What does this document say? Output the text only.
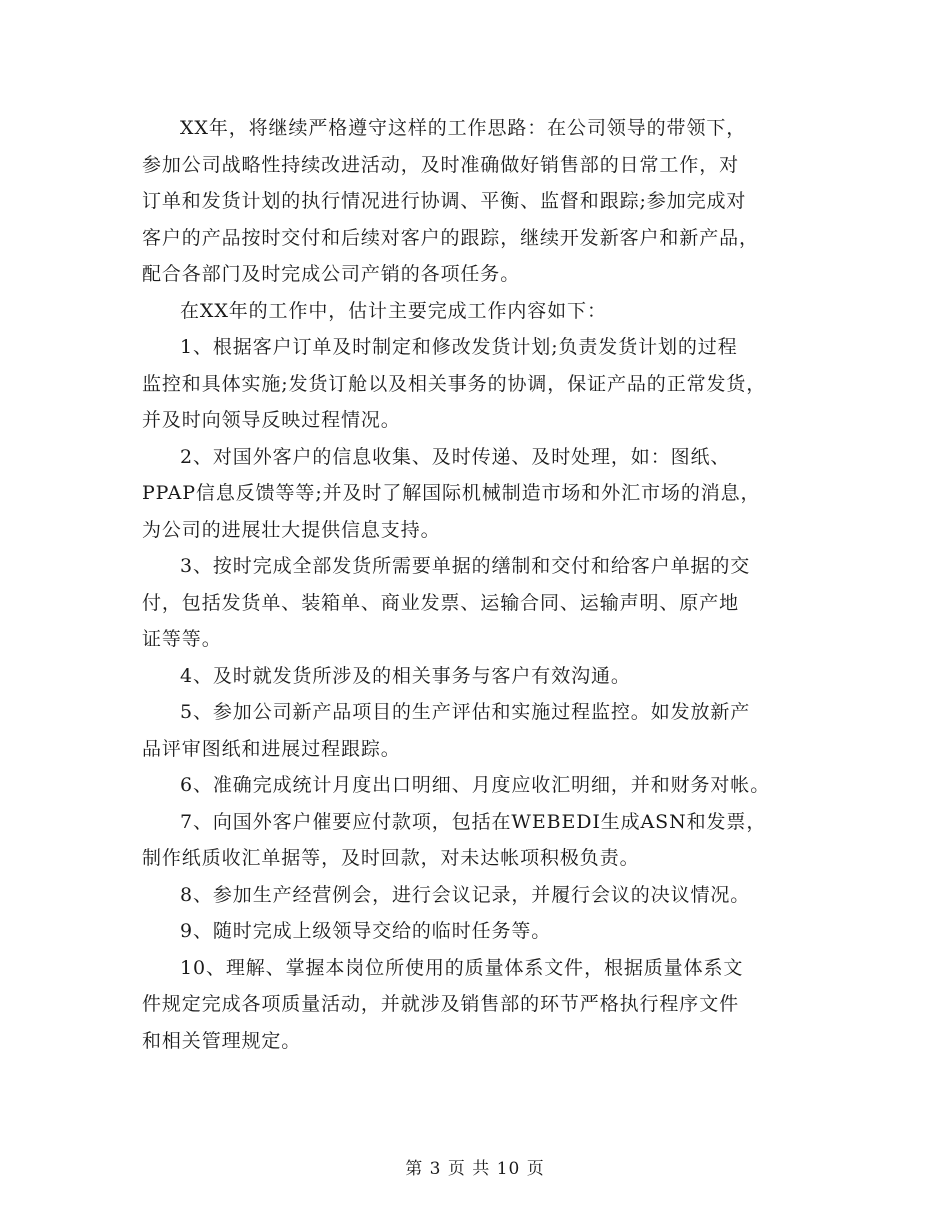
XX年，将继续严格遵守这样的工作思路：在公司领导的带领下，
参加公司战略性持续改进活动，及时准确做好销售部的日常工作，对
订单和发货计划的执行情况进行协调、平衡、监督和跟踪;参加完成对
客户的产品按时交付和后续对客户的跟踪，继续开发新客户和新产品，
配合各部门及时完成公司产销的各项任务。

在XX年的工作中，估计主要完成工作内容如下：

1、根据客户订单及时制定和修改发货计划;负责发货计划的过程
监控和具体实施;发货订舱以及相关事务的协调，保证产品的正常发货，
并及时向领导反映过程情况。

2、对国外客户的信息收集、及时传递、及时处理，如：图纸、
PPAP信息反馈等等;并及时了解国际机械制造市场和外汇市场的消息，
为公司的进展壮大提供信息支持。

3、按时完成全部发货所需要单据的缮制和交付和给客户单据的交
付，包括发货单、装箱单、商业发票、运输合同、运输声明、原产地
证等等。

4、及时就发货所涉及的相关事务与客户有效沟通。

5、参加公司新产品项目的生产评估和实施过程监控。如发放新产
品评审图纸和进展过程跟踪。

6、准确完成统计月度出口明细、月度应收汇明细，并和财务对帐。

7、向国外客户催要应付款项，包括在WEBEDI生成ASN和发票，
制作纸质收汇单据等，及时回款，对未达帐项积极负责。

8、参加生产经营例会，进行会议记录，并履行会议的决议情况。

9、随时完成上级领导交给的临时任务等。

10、理解、掌握本岗位所使用的质量体系文件，根据质量体系文
件规定完成各项质量活动，并就涉及销售部的环节严格执行程序文件
和相关管理规定。

第 3 页 共 10 页
